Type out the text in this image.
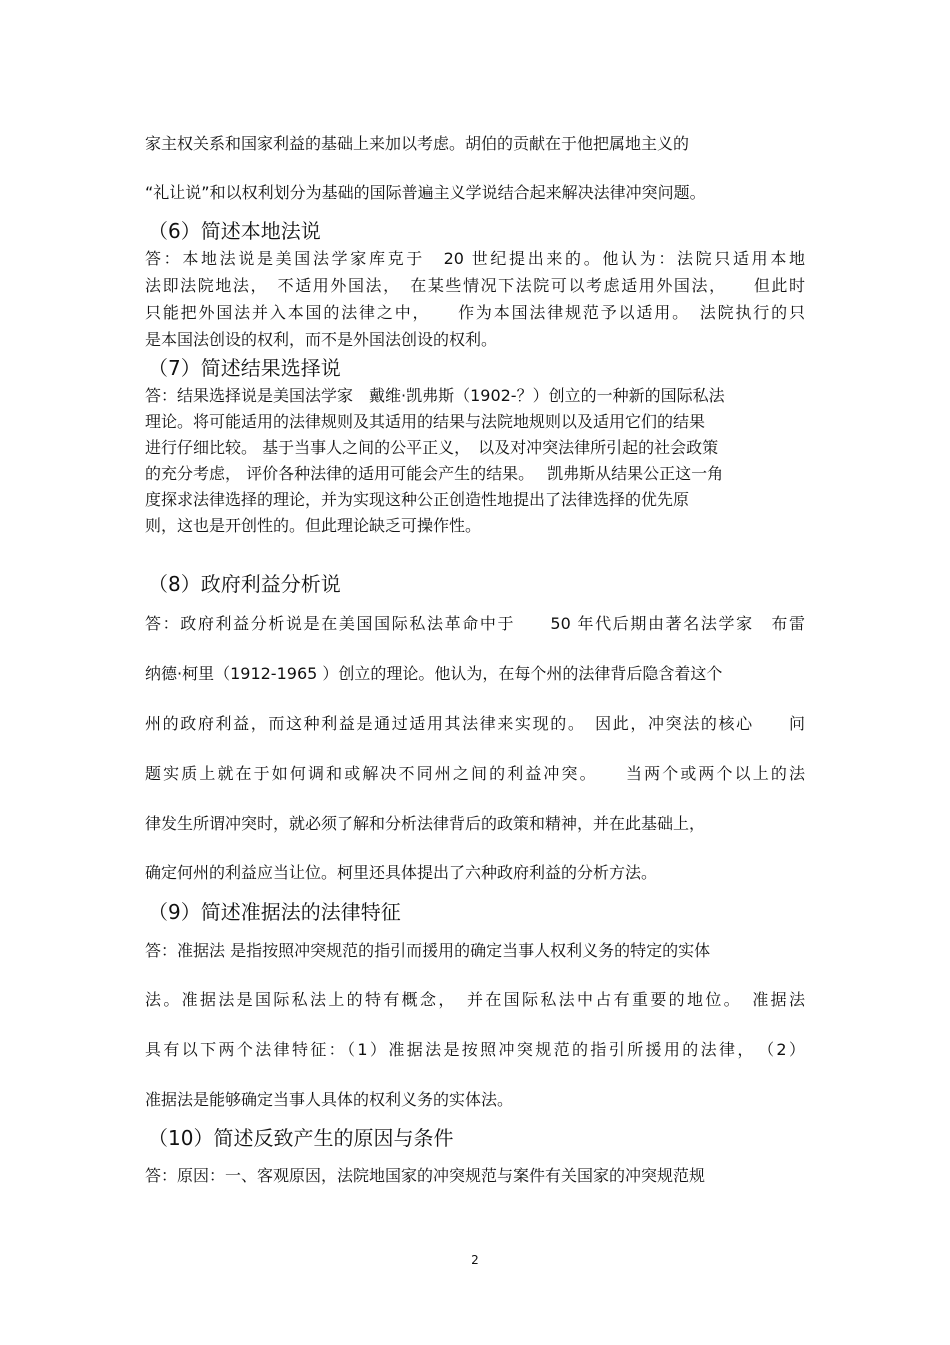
家主权关系和国家利益的基础上来加以考虑。胡伯的贡献在于他把属地主义的
“礼让说”和以权利划分为基础的国际普遍主义学说结合起来解决法律冲突问题。
（6）简述本地法说
答：本地法说是美国法学家库克于　20 世纪提出来的。他认为：法院只适用本地
法即法院地法，　不适用外国法，　在某些情况下法院可以考虑适用外国法，　　但此时
只能把外国法并入本国的法律之中，　　作为本国法律规范予以适用。　法院执行的只
是本国法创设的权利，而不是外国法创设的权利。
（7）简述结果选择说
答：结果选择说是美国法学家　戴维·凯弗斯（1902-？）创立的一种新的国际私法
理论。将可能适用的法律规则及其适用的结果与法院地规则以及适用它们的结果
进行仔细比较。 基于当事人之间的公平正义，　以及对冲突法律所引起的社会政策
的充分考虑， 评价各种法律的适用可能会产生的结果。　 凯弗斯从结果公正这一角
度探求法律选择的理论，并为实现这种公正创造性地提出了法律选择的优先原
则，这也是开创性的。但此理论缺乏可操作性。
（8）政府利益分析说
答：政府利益分析说是在美国国际私法革命中于　　50 年代后期由著名法学家　布雷
纳德·柯里（1912-1965 ）创立的理论。他认为，在每个州的法律背后隐含着这个
州的政府利益，而这种利益是通过适用其法律来实现的。　因此，冲突法的核心　　问
题实质上就在于如何调和或解决不同州之间的利益冲突。　　当两个或两个以上的法
律发生所谓冲突时，就必须了解和分析法律背后的政策和精神，并在此基础上，
确定何州的利益应当让位。柯里还具体提出了六种政府利益的分析方法。
（9）简述准据法的法律特征
答：准据法 是指按照冲突规范的指引而援用的确定当事人权利义务的特定的实体
法。准据法是国际私法上的特有概念，　并在国际私法中占有重要的地位。　准据法
具有以下两个法律特征：（1）准据法是按照冲突规范的指引所援用的法律，　（2）
准据法是能够确定当事人具体的权利义务的实体法。
（10）简述反致产生的原因与条件
答：原因：一、客观原因，法院地国家的冲突规范与案件有关国家的冲突规范规
2
